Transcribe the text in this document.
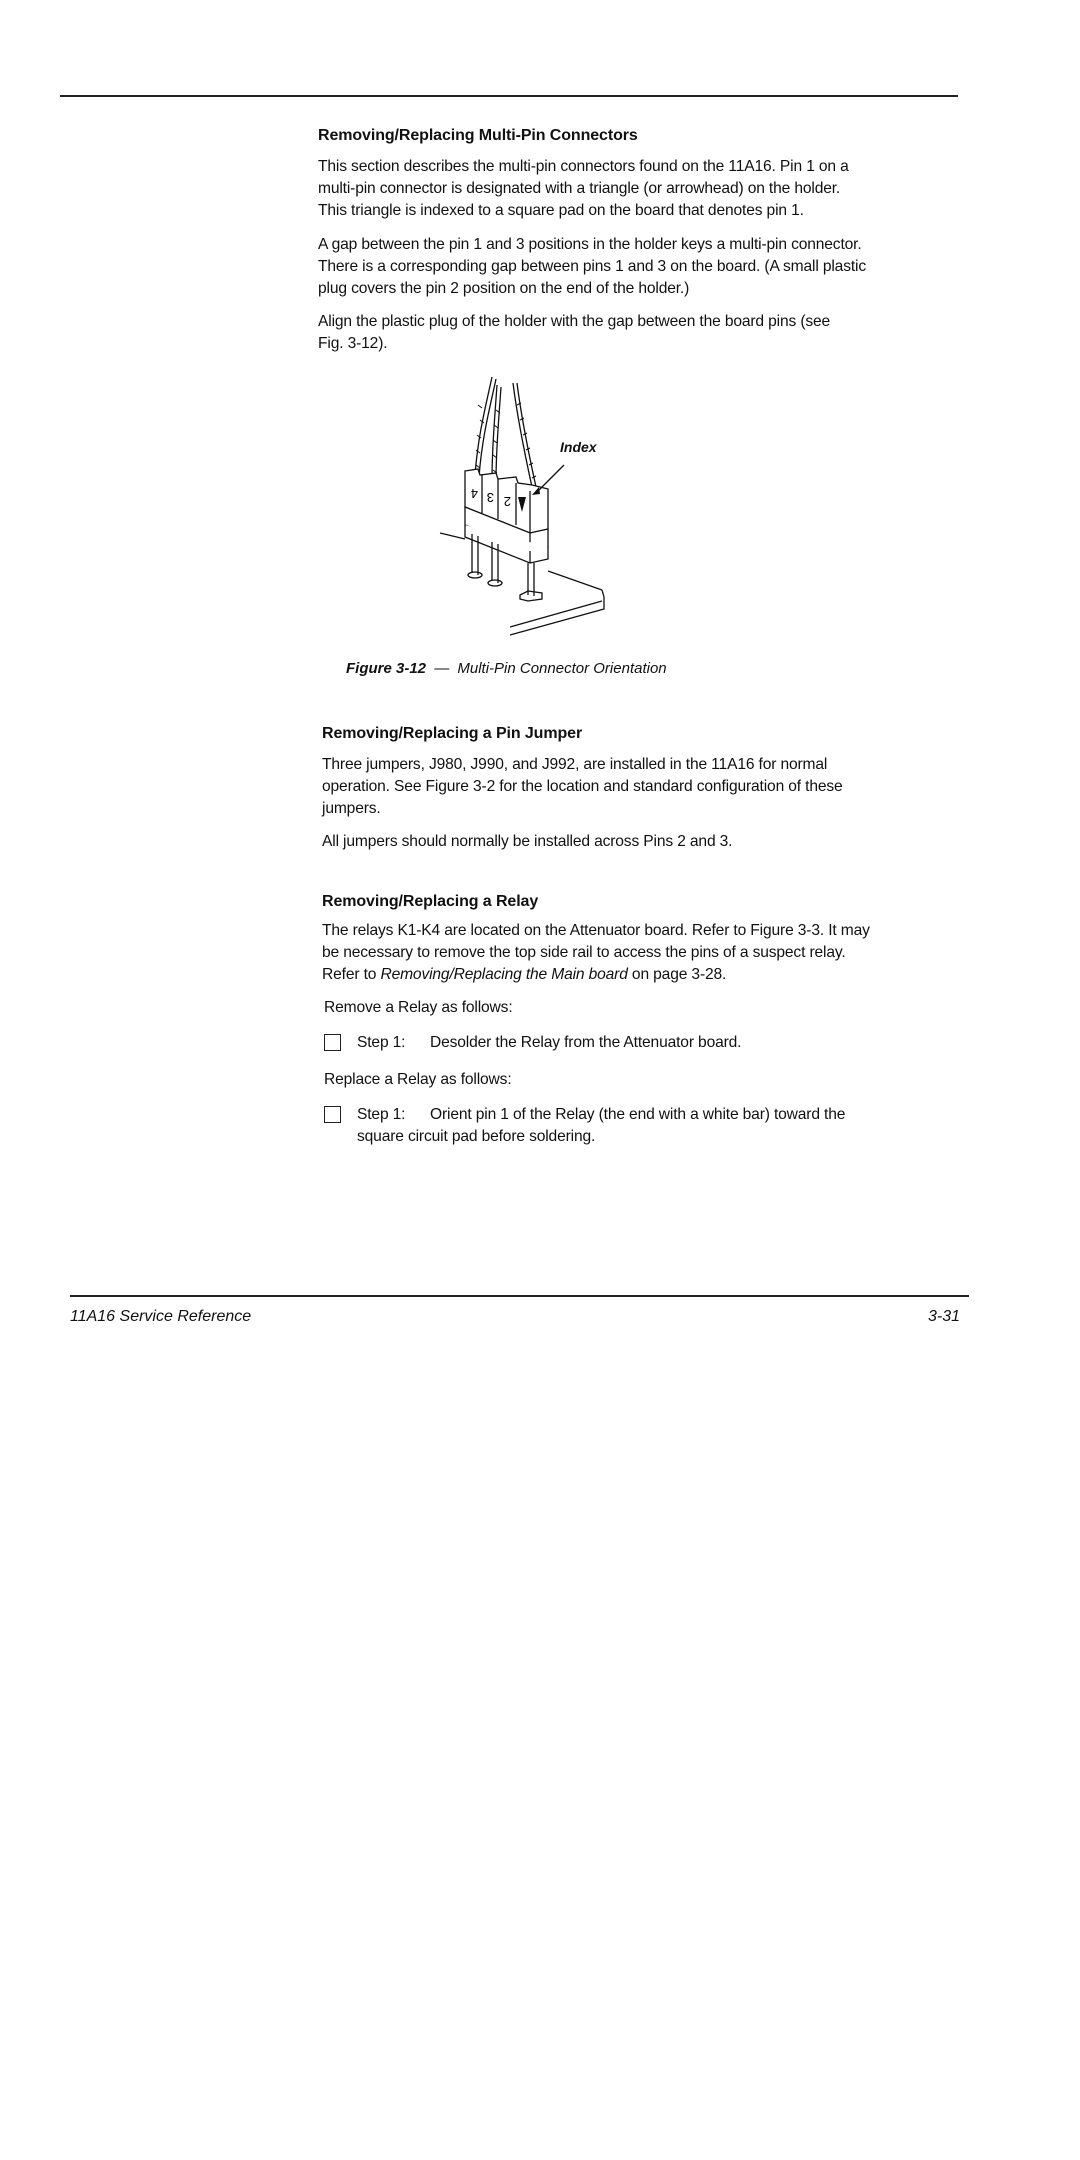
Removing/Replacing Multi-Pin Connectors
This section describes the multi-pin connectors found on the 11A16. Pin 1 on a
multi-pin connector is designated with a triangle (or arrowhead) on the holder.
This triangle is indexed to a square pad on the board that denotes pin 1.
A gap between the pin 1 and 3 positions in the holder keys a multi-pin connector.
There is a corresponding gap between pins 1 and 3 on the board. (A small plastic
plug covers the pin 2 position on the end of the holder.)
Align the plastic plug of the holder with the gap between the board pins (see
Fig. 3-12).
4 3 2
Index
Figure 3-12 — Multi-Pin Connector Orientation
Removing/Replacing a Pin Jumper
Three jumpers, J980, J990, and J992, are installed in the 11A16 for normal
operation. See Figure 3-2 for the location and standard configuration of these
jumpers.
All jumpers should normally be installed across Pins 2 and 3.
Removing/Replacing a Relay
The relays K1-K4 are located on the Attenuator board. Refer to Figure 3-3. It may
be necessary to remove the top side rail to access the pins of a suspect relay.
Refer to Removing/Replacing the Main board on page 3-28.
Remove a Relay as follows:
Step 1: Desolder the Relay from the Attenuator board.
Replace a Relay as follows:
Step 1: Orient pin 1 of the Relay (the end with a white bar) toward the
square circuit pad before soldering.
11A16 Service Reference	3-31
